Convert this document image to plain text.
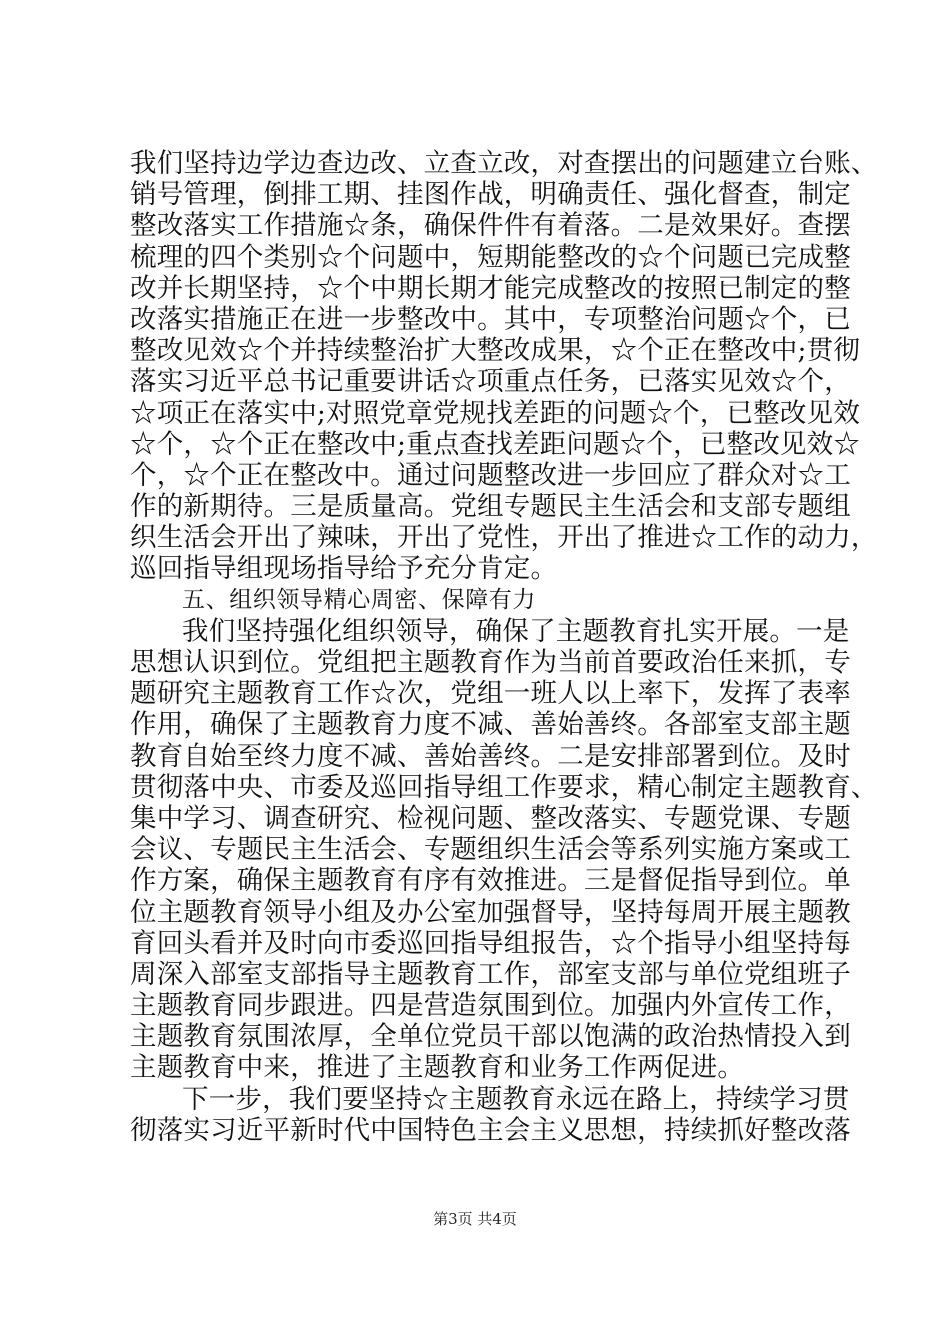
我们坚持边学边查边改、立查立改，对查摆出的问题建立台账、
销号管理，倒排工期、挂图作战，明确责任、强化督查，制定
整改落实工作措施☆条，确保件件有着落。二是效果好。查摆
梳理的四个类别☆个问题中，短期能整改的☆个问题已完成整
改并长期坚持，☆个中期长期才能完成整改的按照已制定的整
改落实措施正在进一步整改中。其中，专项整治问题☆个，已
整改见效☆个并持续整治扩大整改成果，☆个正在整改中;贯彻
落实习近平总书记重要讲话☆项重点任务，已落实见效☆个，
☆项正在落实中;对照党章党规找差距的问题☆个，已整改见效
☆个，☆个正在整改中;重点查找差距问题☆个，已整改见效☆
个，☆个正在整改中。通过问题整改进一步回应了群众对☆工
作的新期待。三是质量高。党组专题民主生活会和支部专题组
织生活会开出了辣味，开出了党性，开出了推进☆工作的动力，
巡回指导组现场指导给予充分肯定。
五、组织领导精心周密、保障有力
我们坚持强化组织领导，确保了主题教育扎实开展。一是
思想认识到位。党组把主题教育作为当前首要政治任来抓，专
题研究主题教育工作☆次，党组一班人以上率下，发挥了表率
作用，确保了主题教育力度不减、善始善终。各部室支部主题
教育自始至终力度不减、善始善终。二是安排部署到位。及时
贯彻落中央、市委及巡回指导组工作要求，精心制定主题教育、
集中学习、调查研究、检视问题、整改落实、专题党课、专题
会议、专题民主生活会、专题组织生活会等系列实施方案或工
作方案，确保主题教育有序有效推进。三是督促指导到位。单
位主题教育领导小组及办公室加强督导，坚持每周开展主题教
育回头看并及时向市委巡回指导组报告，☆个指导小组坚持每
周深入部室支部指导主题教育工作，部室支部与单位党组班子
主题教育同步跟进。四是营造氛围到位。加强内外宣传工作，
主题教育氛围浓厚，全单位党员干部以饱满的政治热情投入到
主题教育中来，推进了主题教育和业务工作两促进。
下一步，我们要坚持☆主题教育永远在路上，持续学习贯
彻落实习近平新时代中国特色主会主义思想，持续抓好整改落
第3页 共4页
